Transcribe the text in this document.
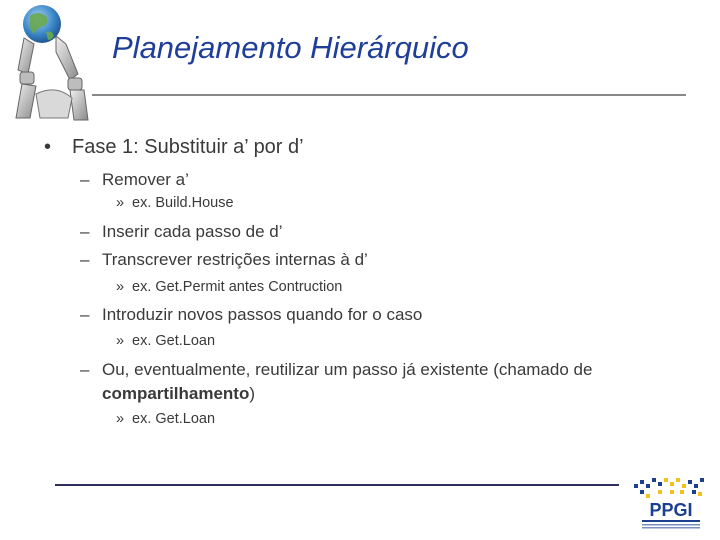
Planejamento Hierárquico
• Fase 1: Substituir a’ por d’
– Remover a’
» ex. Build.House
– Inserir cada passo de d’
– Transcrever restrições internas à d’
» ex. Get.Permit antes Contruction
– Introduzir novos passos quando for o caso
» ex. Get.Loan
– Ou, eventualmente, reutilizar um passo já existente (chamado de
compartilhamento)
» ex. Get.Loan
PPGI
